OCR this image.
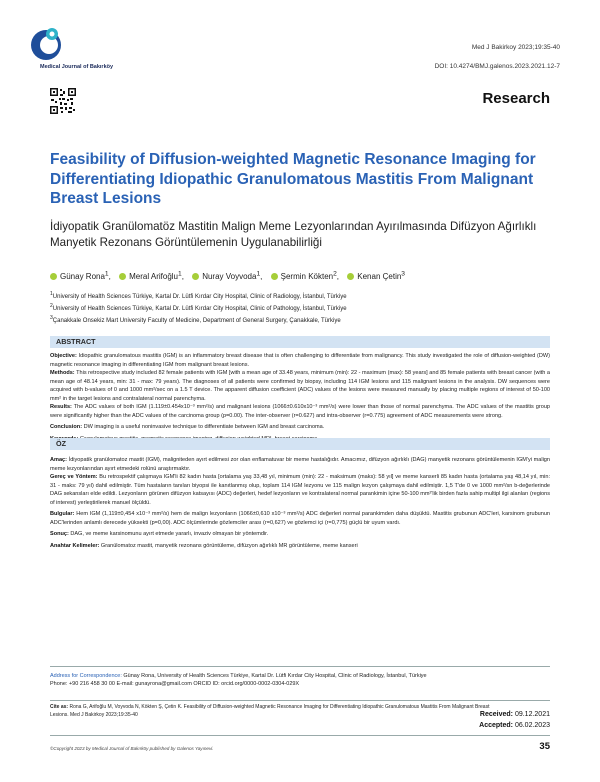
Medical Journal of Bakırköy
Med J Bakirkoy 2023;19:35-40
DOI: 10.4274/BMJ.galenos.2023.2021.12-7
Research
Feasibility of Diffusion-weighted Magnetic Resonance Imaging for Differentiating Idiopathic Granulomatous Mastitis From Malignant Breast Lesions
İdiyopatik Granülomatöz Mastitin Malign Meme Lezyonlarından Ayırılmasında Difüzyon Ağırlıklı Manyetik Rezonans Görüntülemenin Uygulanabilirliği
Günay Rona$^1$, Meral Arifoğlu$^1$, Nuray Voyvoda$^1$, Şermin Kökten$^2$, Kenan Çetin$^3$
$^1$University of Health Sciences Türkiye, Kartal Dr. Lütfi Kırdar City Hospital, Clinic of Radiology, İstanbul, Türkiye
$^2$University of Health Sciences Türkiye, Kartal Dr. Lütfi Kırdar City Hospital, Clinic of Pathology, İstanbul, Türkiye
$^3$Çanakkale Onsekiz Mart University Faculty of Medicine, Department of General Surgery, Çanakkale, Türkiye
ABSTRACT

Objective: Idiopathic granulomatous mastitis (IGM) is an inflammatory breast disease that is often challenging to differentiate from malignancy. This study investigated the role of diffusion-weighted (DW) magnetic resonance imaging in differentiating IGM from malignant breast lesions.

Methods: This retrospective study included 82 female patients with IGM [with a mean age of 33.48 years, minimum (min): 22 - maximum (max): 58 years] and 85 female patients with breast cancer (with a mean age of 48.14 years, min: 31 - max: 79 years). The diagnoses of all patients were confirmed by biopsy, including 114 IGM lesions and 115 malignant lesions in the analysis. DW sequences were acquired with b-values of 0 and 1000 mm²/sec on a 1.5 T device. The apparent diffusion coefficient (ADC) values of the lesions were measured manually by placing multiple regions of interest of 50-100 mm² in the target lesions and contralateral normal parenchyma.

Results: The ADC values of both IGM (1.119±0.454x10⁻³ mm²/s) and malignant lesions (1066±0.610x10⁻³ mm²/s) were lower than those of normal parenchyma. The ADC values of the mastitis group were significantly higher than the ADC values of the carcinoma group (p=0.00). The inter-observer (r=0.627) and intra-observer (r=0.775) agreement of ADC measurements were strong.

Conclusion: DW imaging is a useful noninvasive technique to differentiate between IGM and breast carcinoma.

ÖZ

Amaç: İdiyopatik granülomatoz mastit (IGM), maligniteden ayırt edilmesi zor olan enflamatuvar bir meme hastalığıdır. Amacımız, difüzyon ağırlıklı (DAG) manyetik rezonans görüntülemenin IGM'yi malign meme lezyonlarından ayırt etmedeki rolünü araştırmaktır.

Gereç ve Yöntem: Bu retrospektif çalışmaya IGM'li 82 kadın hasta [ortalama yaş 33,48 yıl, minimum (min): 22 - maksimum (maks): 58 yıl] ve meme kanserli 85 kadın hasta (ortalama yaş 48,14 yıl, min: 31 - maks: 79 yıl) dahil edilmiştir. Tüm hastaların tanıları biyopsi ile kanıtlanmış olup, toplam 114 IGM lezyonu ve 115 malign lezyon çalışmaya dahil edilmiştir. 1,5 T'de 0 ve 1000 mm²/sn b-değerlerinde DAG sekansları elde edildi. Lezyonların görünen difüzyon katsayısı (ADC) değerleri, hedef lezyonların ve kontralateral normal parankimin içine 50-100 mm²'lik birden fazla sahip multipl ilgi alanları (regions of interest) yerleştirilerek manuel ölçüldü.

Bulgular: Hem IGM (1,119±0,454 x10⁻³ mm²/s) hem de malign lezyonların (1066±0,610 x10⁻³ mm²/s) ADC değerleri normal parankimden daha düşüktü. Mastitis grubunun ADC'leri, karsinom grubunun ADC'lerinden anlamlı derecede yüksekti (p=0,00). ADC ölçümlerinde gözlemciler arası (r=0,627) ve gözlemci içi (r=0,775) güçlü bir uyum vardı.

Sonuç: DAG, ve meme karsinomunu ayırt etmede yararlı, invaziv olmayan bir yöntemdir.

Anahtar Kelimeler: Granülomatoz mastit, manyetik rezonans görüntüleme, difüzyon ağırlıklı MR görüntüleme, meme kanseri

Address for Correspondence: Günay Rona, University of Health Sciences Türkiye, Kartal Dr. Lütfi Kırdar City Hospital, Clinic of Radiology, İstanbul, Türkiye
Phone: +90 216 458 30 00 E-mail: gunayrona@gmail.com ORCID ID: orcid.org/0000-0002-0304-029X
Cite as: Rona G, Arifoğlu M, Voyvoda N, Kökten Ş, Çetin K. Feasibility of Diffusion-weighted Magnetic Resonance Imaging for Differentiating Idiopathic Granulomatous Mastitis From Malignant Breast Lesions. Med J Bakirkoy 2023;19:35-40	Received: 09.12.2021
Accepted: 06.02.2023
©Copyright 2023 by Medical Journal of Bakırköy published by Galenos Yayınevi.	35
